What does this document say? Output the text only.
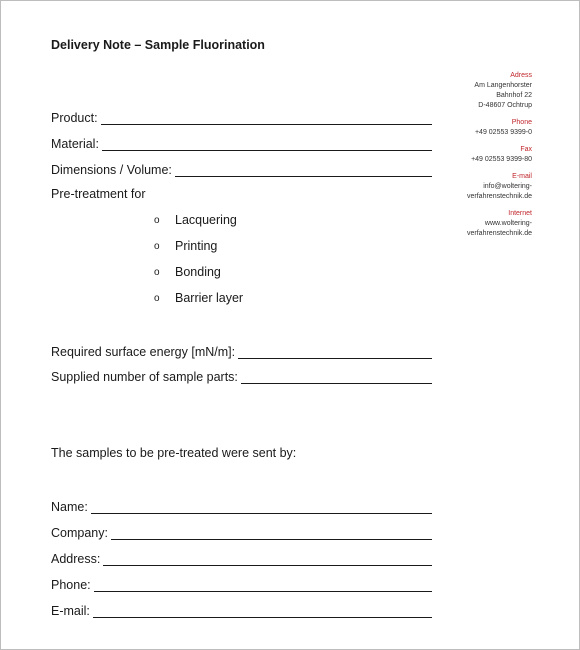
Delivery Note – Sample Fluorination
Adress
Am Langenhorster
Bahnhof 22
D-48607 Ochtrup
Phone
+49 02553 9399-0
Fax
+49 02553 9399-80
E-mail
info@woltering-
verfahrenstechnik.de
Internet
www.woltering-
verfahrenstechnik.de
Product:
Material:
Dimensions / Volume:
Pre-treatment for
o	Lacquering
o	Printing
o	Bonding
o	Barrier layer
Required surface energy [mN/m]:
Supplied number of sample parts:
The samples to be pre-treated were sent by:
Name:
Company:
Address:
Phone:
E-mail:
